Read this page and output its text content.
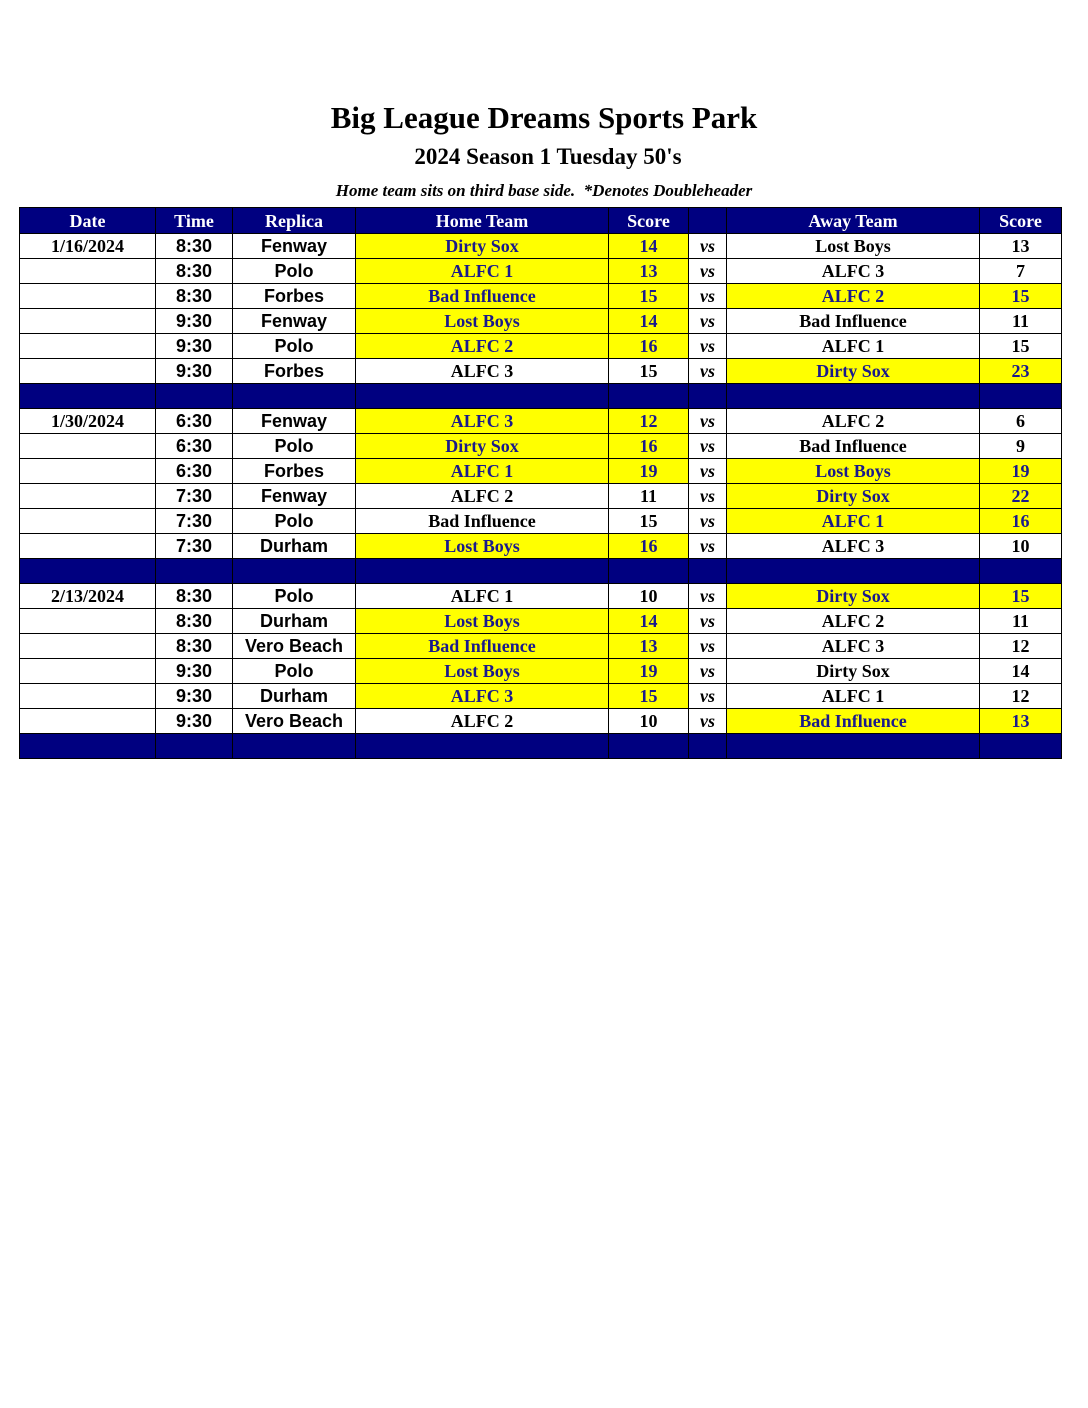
Big League Dreams Sports Park
2024 Season 1 Tuesday 50's
Home team sits on third base side.  *Denotes Doubleheader
Date	Time	Replica	Home Team	Score		Away Team	Score
1/16/2024	8:30	Fenway	Dirty Sox	14	vs	Lost Boys	13
	8:30	Polo	ALFC 1	13	vs	ALFC 3	7
	8:30	Forbes	Bad Influence	15	vs	ALFC 2	15
	9:30	Fenway	Lost Boys	14	vs	Bad Influence	11
	9:30	Polo	ALFC 2	16	vs	ALFC 1	15
	9:30	Forbes	ALFC 3	15	vs	Dirty Sox	23

1/30/2024	6:30	Fenway	ALFC 3	12	vs	ALFC 2	6
	6:30	Polo	Dirty Sox	16	vs	Bad Influence	9
	6:30	Forbes	ALFC 1	19	vs	Lost Boys	19
	7:30	Fenway	ALFC 2	11	vs	Dirty Sox	22
	7:30	Polo	Bad Influence	15	vs	ALFC 1	16
	7:30	Durham	Lost Boys	16	vs	ALFC 3	10

2/13/2024	8:30	Polo	ALFC 1	10	vs	Dirty Sox	15
	8:30	Durham	Lost Boys	14	vs	ALFC 2	11
	8:30	Vero Beach	Bad Influence	13	vs	ALFC 3	12
	9:30	Polo	Lost Boys	19	vs	Dirty Sox	14
	9:30	Durham	ALFC 3	15	vs	ALFC 1	12
	9:30	Vero Beach	ALFC 2	10	vs	Bad Influence	13
